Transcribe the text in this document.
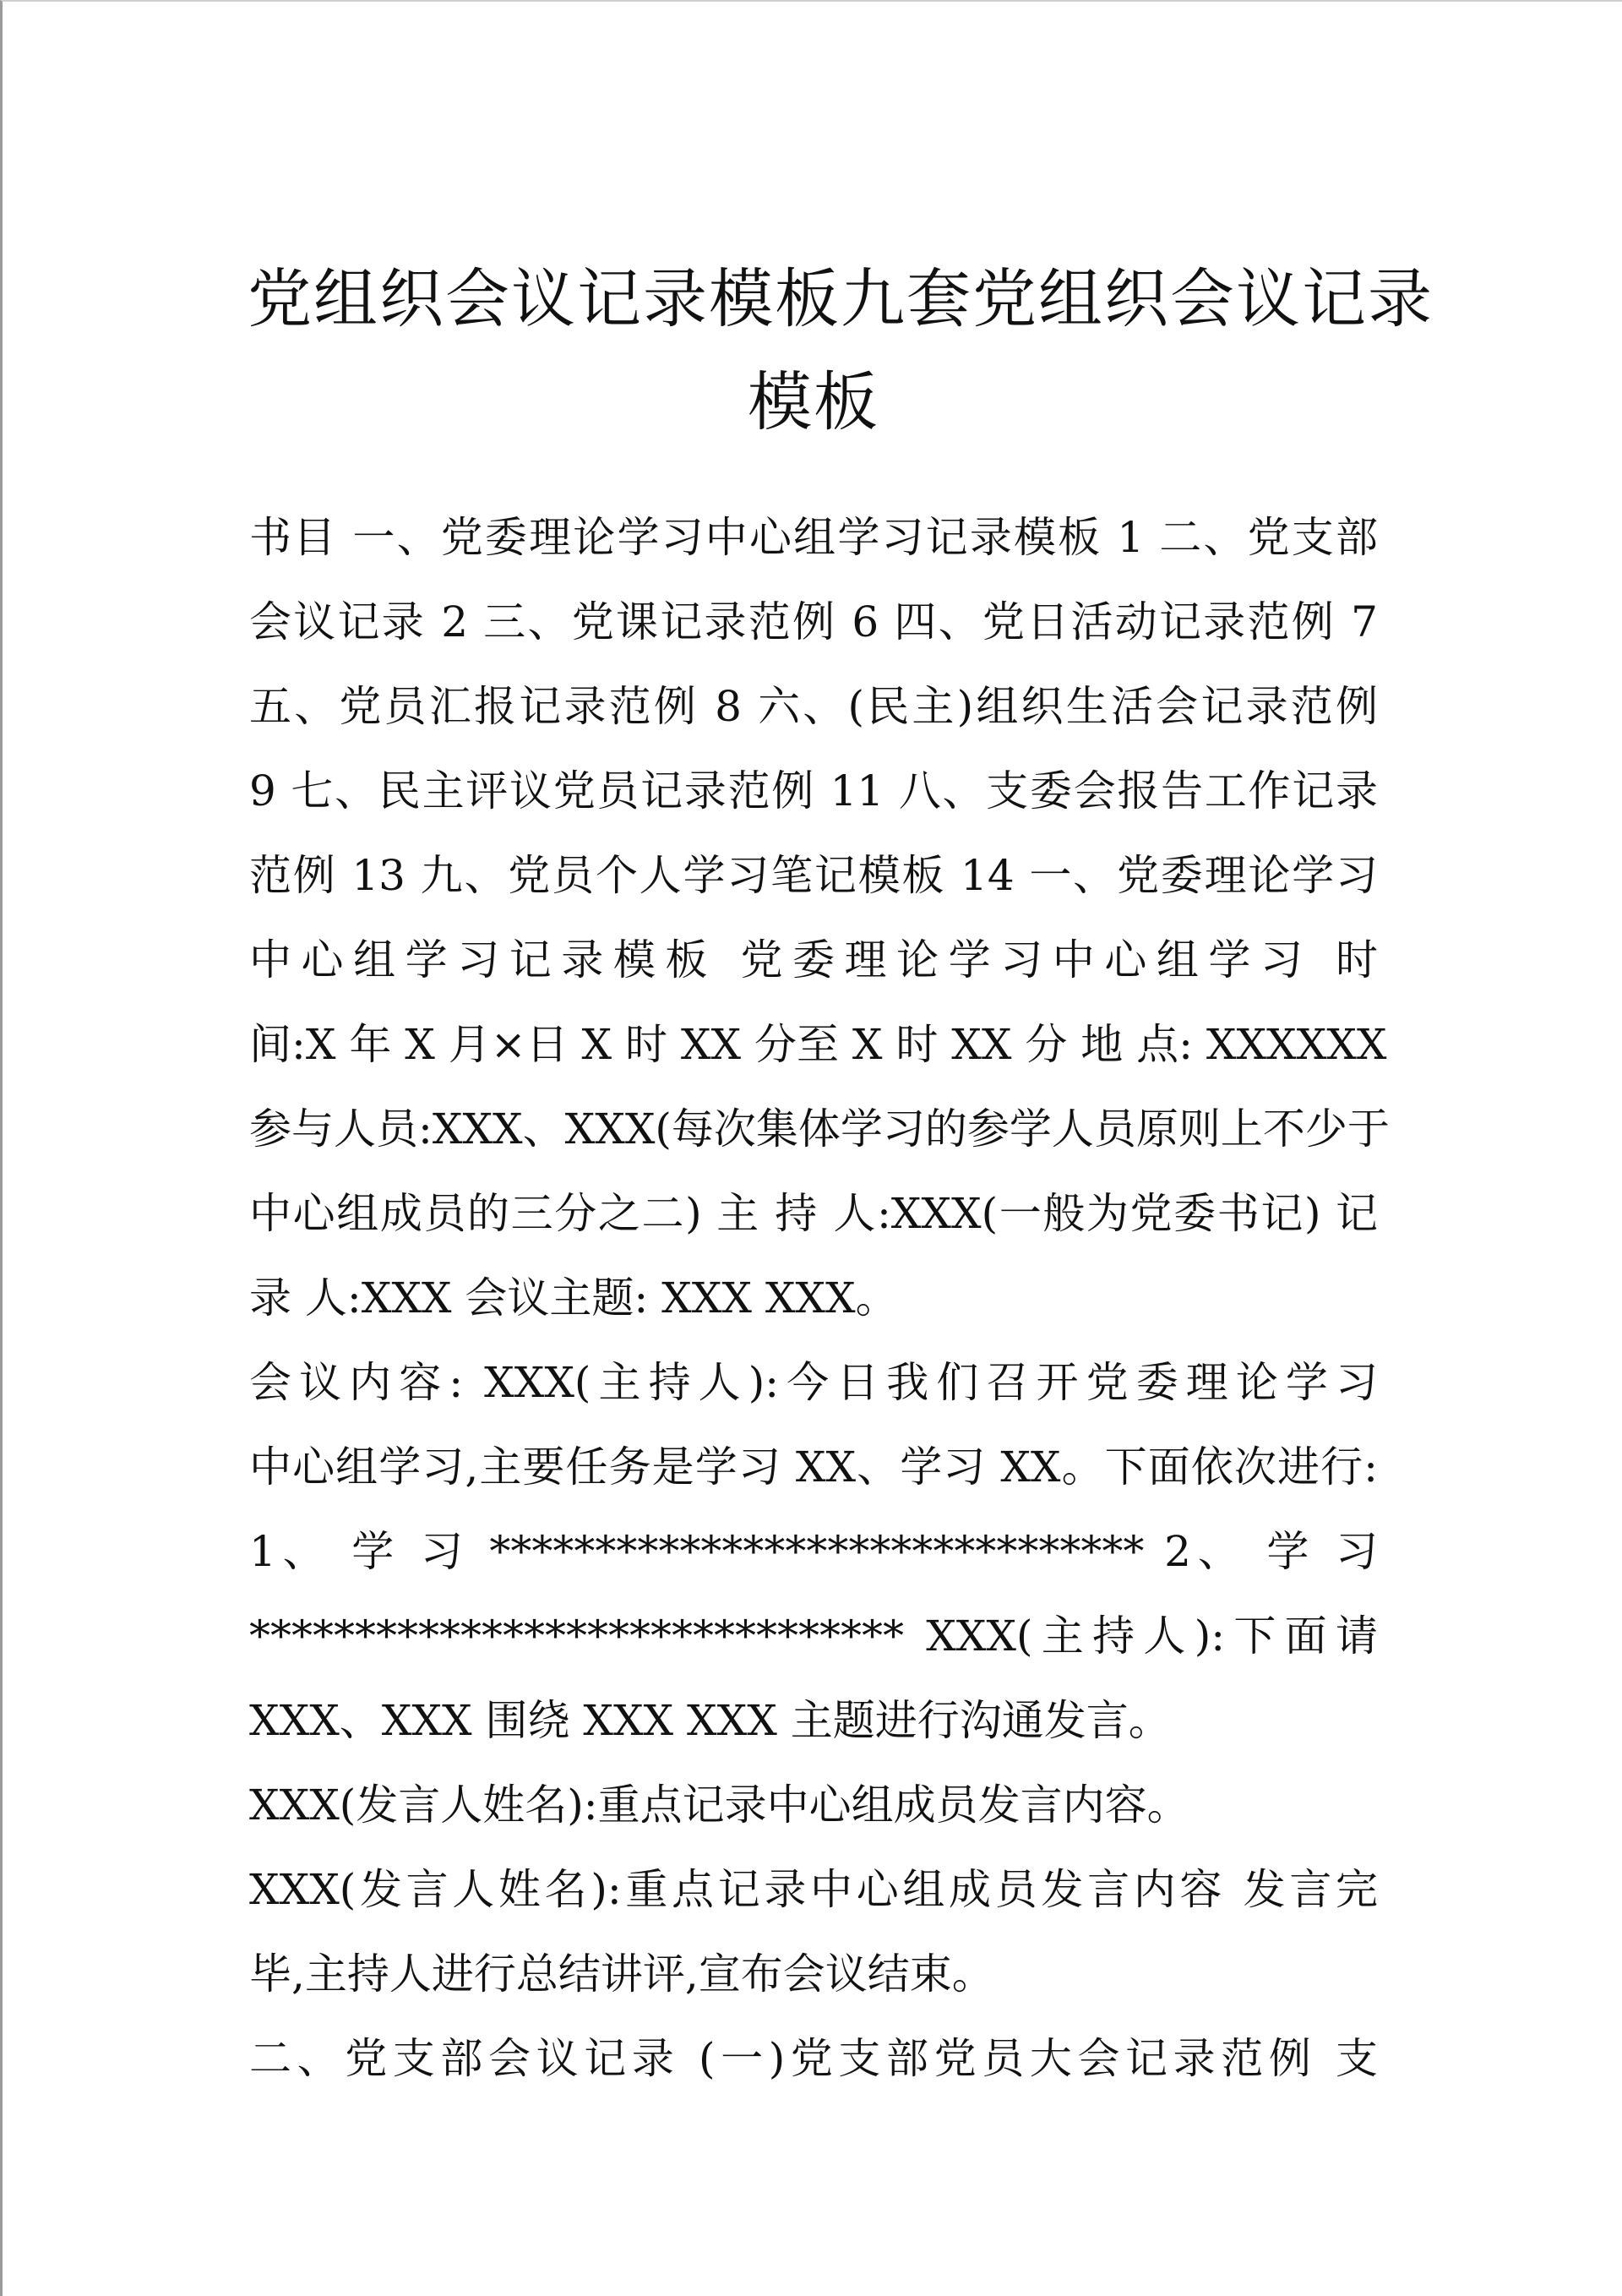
党组织会议记录模板九套党组织会议记录
模板
书目 一、党委理论学习中心组学习记录模板 1 二、党支部
会议记录 2 三、党课记录范例 6 四、党日活动记录范例 7
五、党员汇报记录范例 8 六、(民主)组织生活会记录范例
9 七、民主评议党员记录范例 11 八、支委会报告工作记录
范例 13 九、党员个人学习笔记模板 14 一、党委理论学习
中心组学习记录模板 党委理论学习中心组学习 时
间:X 年 X 月×日 X 时 XX 分至 X 时 XX 分 地 点: XXXXXX
参与人员:XXX、XXX(每次集体学习的参学人员原则上不少于
中心组成员的三分之二) 主 持 人:XXX(一般为党委书记) 记
录 人:XXX 会议主题: XXX XXX。
会议内容: XXX(主持人):今日我们召开党委理论学习
中心组学习,主要任务是学习 XX、学习 XX。下面依次进行:
1、 学 习 ******************************* 2、 学 习
******************************* XXX(主持人):下面请
XXX、XXX 围绕 XXX XXX 主题进行沟通发言。
XXX(发言人姓名):重点记录中心组成员发言内容。
XXX(发言人姓名):重点记录中心组成员发言内容 发言完
毕,主持人进行总结讲评,宣布会议结束。
二、党支部会议记录 (一)党支部党员大会记录范例 支
